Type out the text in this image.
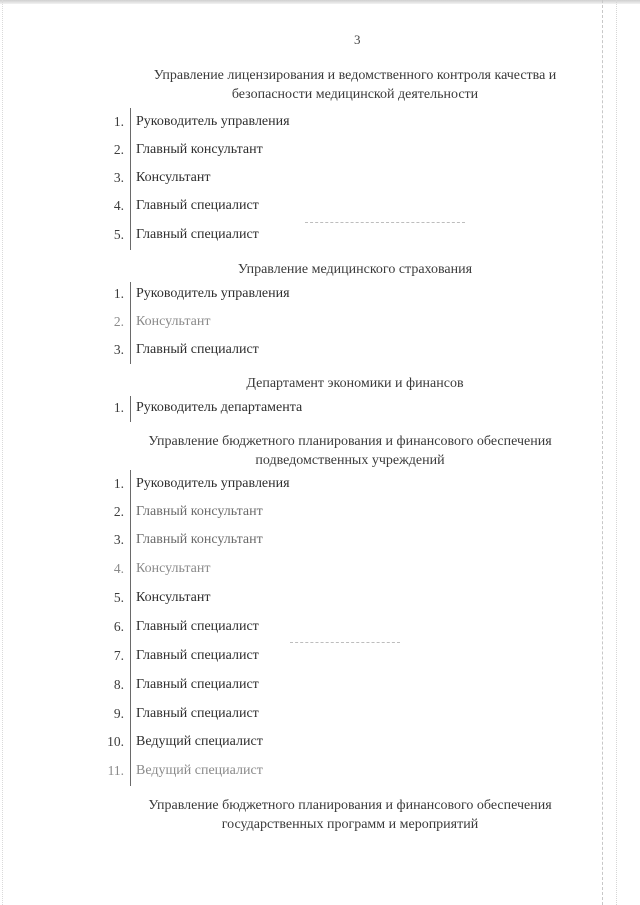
3
Управление лицензирования и ведомственного контроля качества и безопасности медицинской деятельности
1. Руководитель управления
2. Главный консультант
3. Консультант
4. Главный специалист
5. Главный специалист
Управление медицинского страхования
1. Руководитель управления
2. Консультант
3. Главный специалист
Департамент экономики и финансов
1. Руководитель департамента
Управление бюджетного планирования и финансового обеспечения подведомственных учреждений
1. Руководитель управления
2. Главный консультант
3. Главный консультант
4. Консультант
5. Консультант
6. Главный специалист
7. Главный специалист
8. Главный специалист
9. Главный специалист
10. Ведущий специалист
11. Ведущий специалист
Управление бюджетного планирования и финансового обеспечения государственных программ и мероприятий
